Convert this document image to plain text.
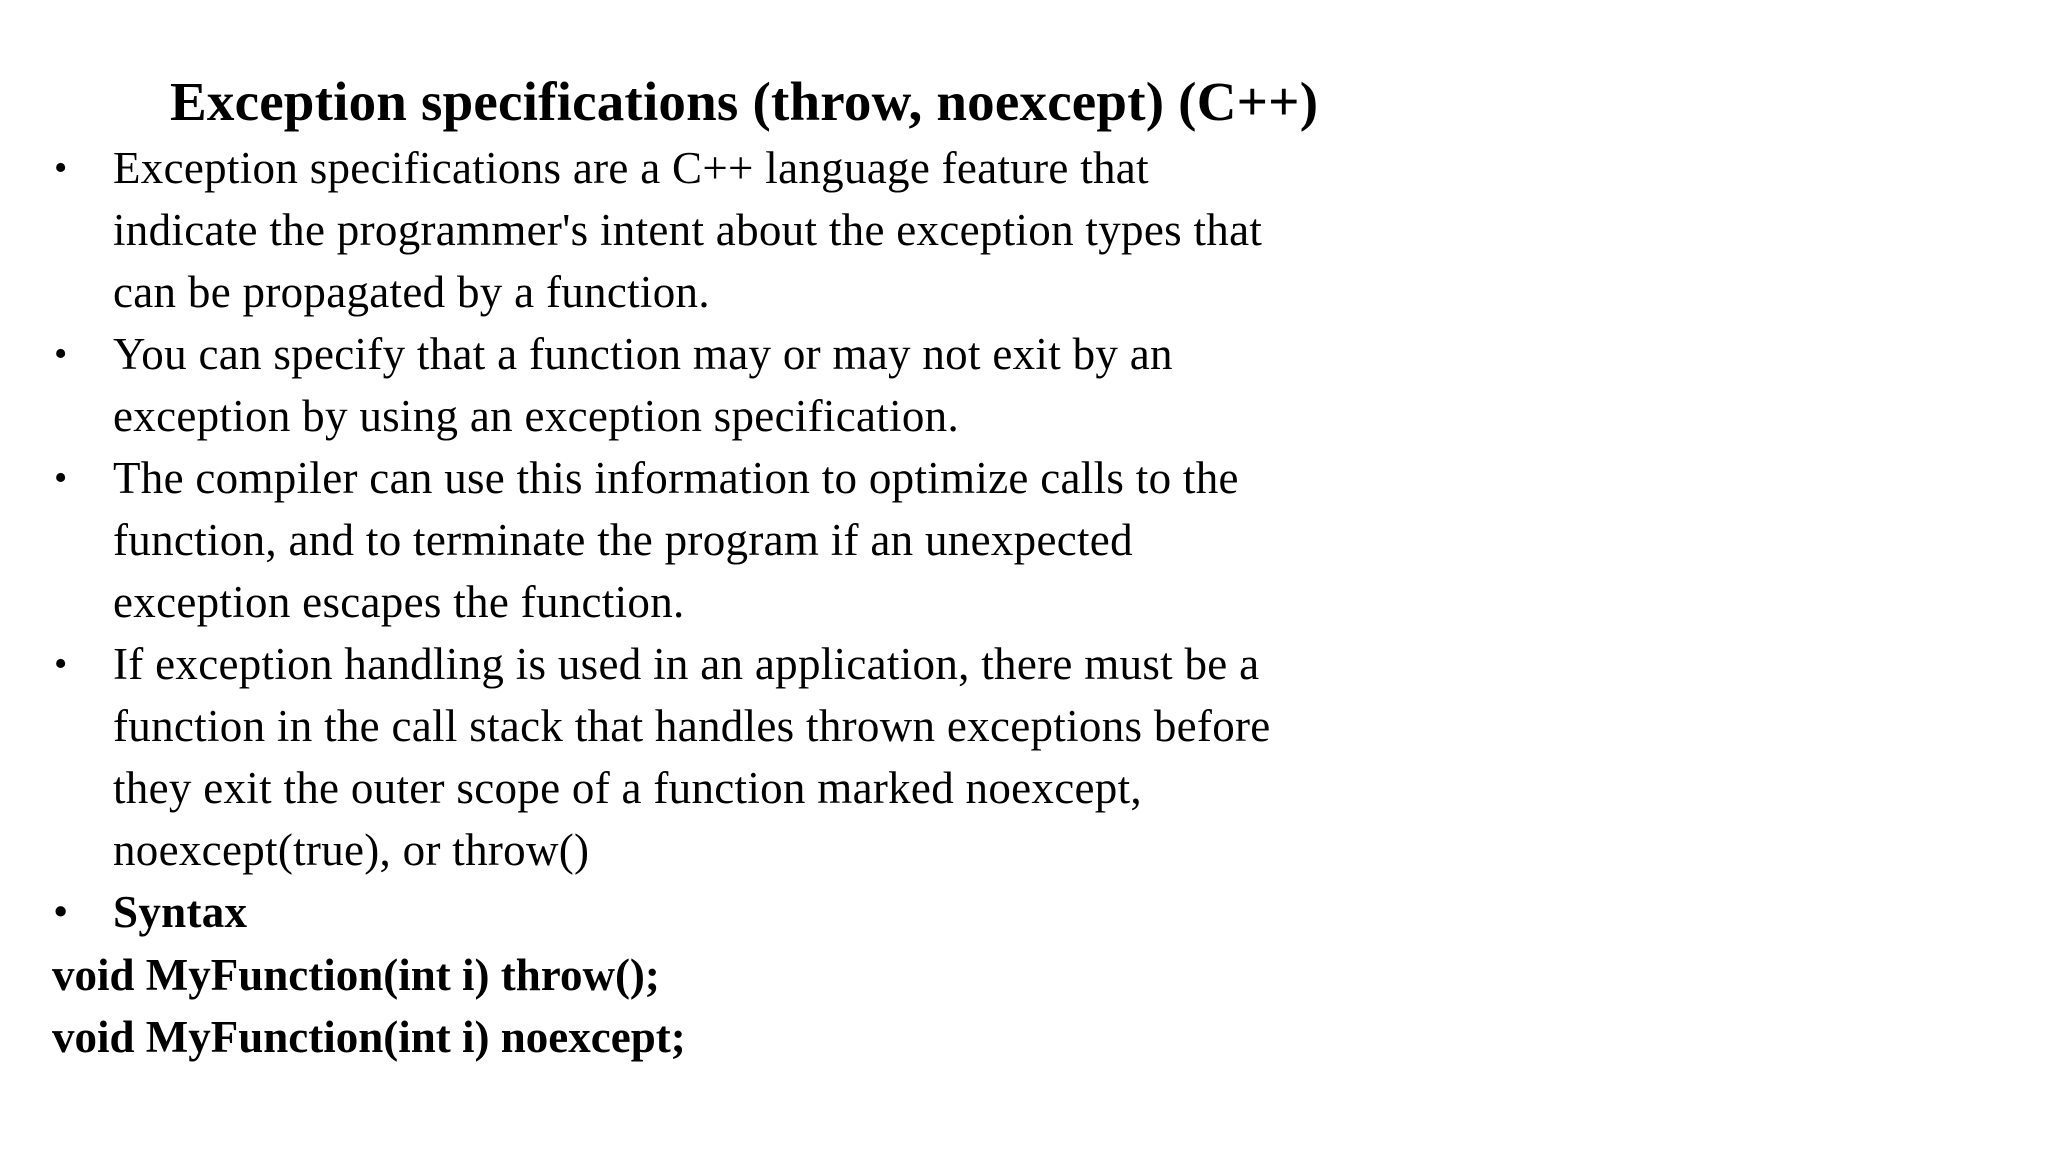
Exception specifications (throw, noexcept) (C++)
• Exception specifications are a C++ language feature that
indicate the programmer's intent about the exception types that
can be propagated by a function.
• You can specify that a function may or may not exit by an
exception by using an exception specification.
• The compiler can use this information to optimize calls to the
function, and to terminate the program if an unexpected
exception escapes the function.
• If exception handling is used in an application, there must be a
function in the call stack that handles thrown exceptions before
they exit the outer scope of a function marked noexcept,
noexcept(true), or throw()
• Syntax
void MyFunction(int i) throw();
void MyFunction(int i) noexcept;
